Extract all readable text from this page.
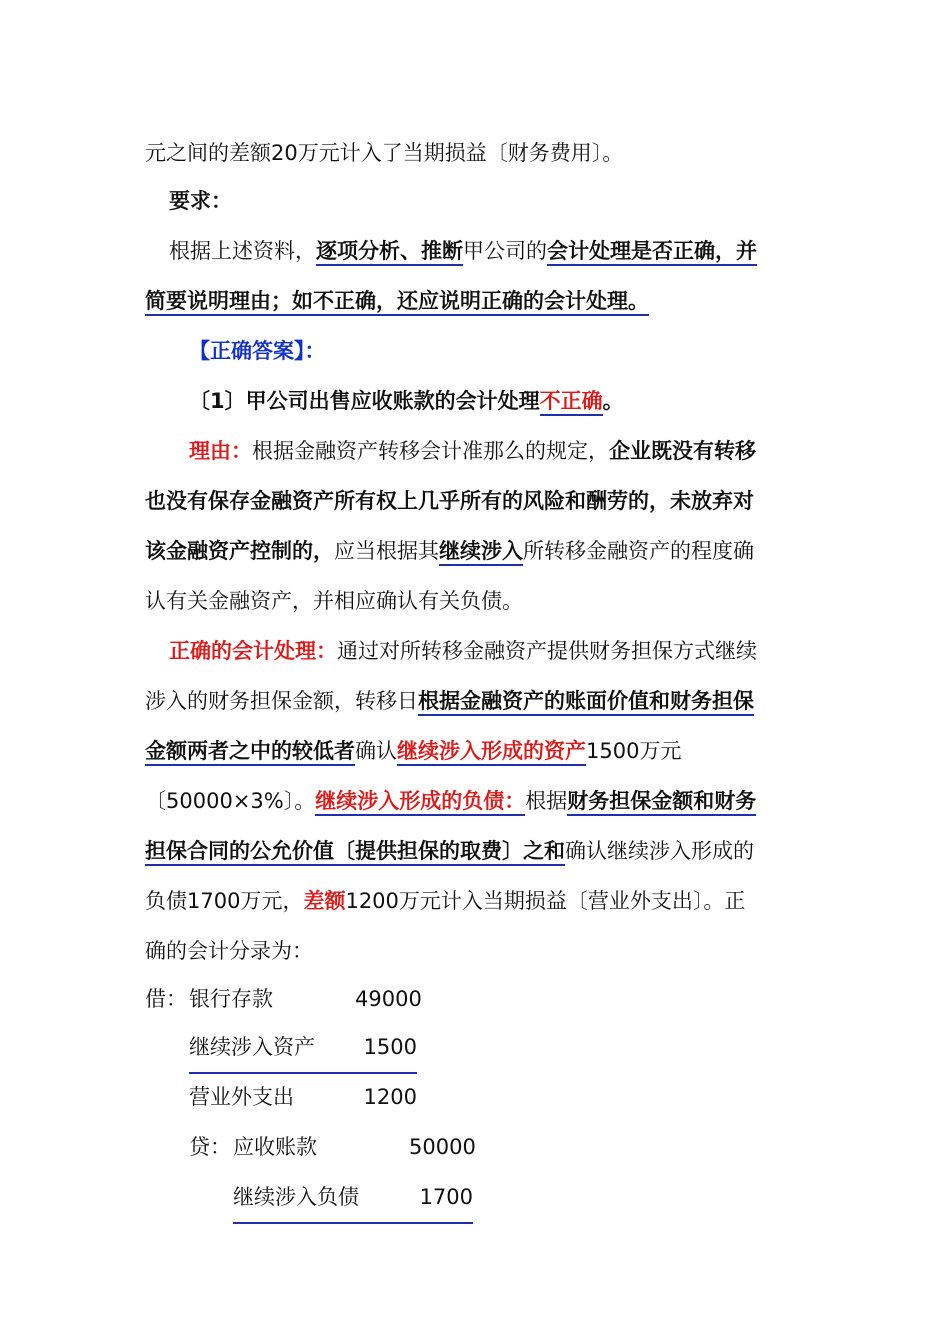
元之间的差额20万元计入了当期损益〔财务费用〕。
要求：
根据上述资料，逐项分析、推断甲公司的会计处理是否正确，并
简要说明理由；如不正确，还应说明正确的会计处理。
【正确答案】：
〔1〕甲公司出售应收账款的会计处理不正确。
理由：根据金融资产转移会计准那么的规定，企业既没有转移
也没有保存金融资产所有权上几乎所有的风险和酬劳的，未放弃对
该金融资产控制的，应当根据其继续涉入所转移金融资产的程度确
认有关金融资产，并相应确认有关负债。
正确的会计处理：通过对所转移金融资产提供财务担保方式继续
涉入的财务担保金额，转移日根据金融资产的账面价值和财务担保
金额两者之中的较低者确认继续涉入形成的资产1500万元
〔50000×3%〕。继续涉入形成的负债：根据财务担保金额和财务
担保合同的公允价值〔提供担保的取费〕之和确认继续涉入形成的
负债1700万元，差额1200万元计入当期损益〔营业外支出〕。正
确的会计分录为：
借： 银行存款	49000
继续涉入资产 1500
营业外支出	1200
贷： 应收账款	50000
继续涉入负债	1700
